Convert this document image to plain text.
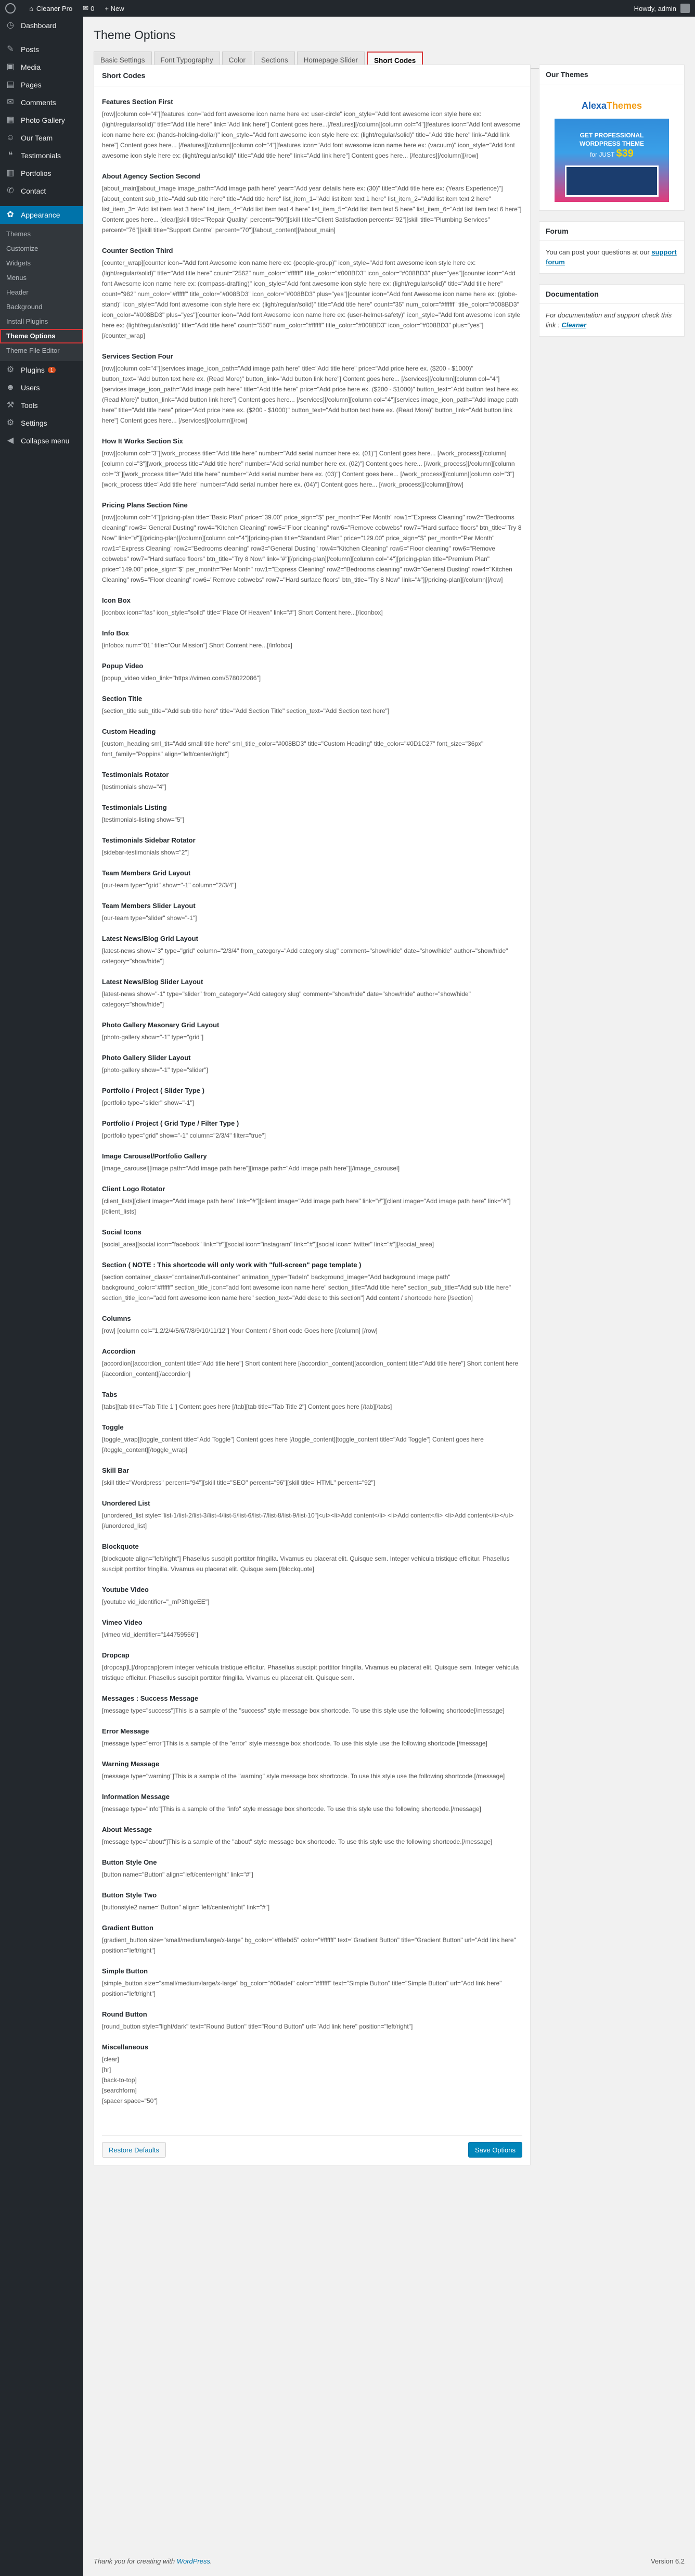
⌂ Cleaner Pro ✉ 0 + New	Howdy, admin
◷ Dashboard
✎ Posts
▣ Media
▤ Pages
✉ Comments
▦ Photo Gallery
☺ Our Team
❝	Testimonials
▥ Portfolios
✆ Contact
✿ Appearance
Themes
Customize
Widgets
Menus
Header
Background
Install Plugins
Theme Options
Theme File Editor
⚙ Plugins	1
☻ Users
⚒ Tools
⚙ Settings
◀ Collapse menu
Theme Options
Basic Settings	Font Typography	Color	Sections	Homepage Slider	Short Codes
Short Codes
Features Section First
[row][column col="4"][features icon="add font awesome icon name here ex: user-circle" icon_style="Add font awesome icon style here ex: (light/regular/solid)" title="Add title here" link="Add link here"] Content goes here...[/features][/column][column col="4"][features icon="Add font awesome icon name here ex: (hands-holding-dollar)" icon_style="Add font awesome icon style here ex: (light/regular/solid)" title="Add title here" link="Add link here"] Content goes here... [/features][/column][column col="4"][features icon="Add font awesome icon name here ex: (vacuum)" icon_style="Add font awesome icon style here ex: (light/regular/solid)" title="Add title here" link="Add link here"] Content goes here... [/features][/column][/row]
About Agency Section Second
[about_main][about_image image_path="Add image path here" year="Add year details here ex: (30)" title="Add title here ex: (Years Experience)"][about_content sub_title="Add sub title here" title="Add title here" list_item_1="Add list item text 1 here" list_item_2="Add list item text 2 here" list_item_3="Add list item text 3 here" list_item_4="Add list item text 4 here" list_item_5="Add list item text 5 here" list_item_6="Add list item text 6 here"] Content goes here... [clear][skill title="Repair Quality" percent="90"][skill title="Client Satisfaction percent="92"][skill title="Plumbing Services" percent="76"][skill title="Support Centre" percent="70"][/about_content][/about_main]
Counter Section Third
[counter_wrap][counter icon="Add font Awesome icon name here ex: (people-group)" icon_style="Add font awesome icon style here ex: (light/regular/solid)" title="Add title here" count="2562" num_color="#ffffff" title_color="#008BD3" icon_color="#008BD3" plus="yes"][counter icon="Add font Awesome icon name here ex: (compass-drafting)" icon_style="Add font awesome icon style here ex: (light/regular/solid)" title="Add title here" count="982" num_color="#ffffff" title_color="#008BD3" icon_color="#008BD3" plus="yes"][counter icon="Add font Awesome icon name here ex: (globe-stand)" icon_style="Add font awesome icon style here ex: (light/regular/solid)" title="Add title here" count="35" num_color="#ffffff" title_color="#008BD3" icon_color="#008BD3" plus="yes"][counter icon="Add font Awesome icon name here ex: (user-helmet-safety)" icon_style="Add font awesome icon style here ex: (light/regular/solid)" title="Add title here" count="550" num_color="#ffffff" title_color="#008BD3" icon_color="#008BD3" plus="yes"][/counter_wrap]
Services Section Four
[row][column col="4"][services image_icon_path="Add image path here" title="Add title here" price="Add price here ex. ($200 - $1000)" button_text="Add button text here ex. (Read More)" button_link="Add button link here"] Content goes here... [/services][/column][column col="4"][services image_icon_path="Add image path here" title="Add title here" price="Add price here ex. ($200 - $1000)" button_text="Add button text here ex. (Read More)" button_link="Add button link here"] Content goes here... [/services][/column][column col="4"][services image_icon_path="Add image path here" title="Add title here" price="Add price here ex. ($200 - $1000)" button_text="Add button text here ex. (Read More)" button_link="Add button link here"] Content goes here... [/services][/column][/row]
How It Works Section Six
[row][column col="3"][work_process title="Add title here" number="Add serial number here ex. (01)"] Content goes here... [/work_process][/column][column col="3"][work_process title="Add title here" number="Add serial number here ex. (02)"] Content goes here... [/work_process][/column][column col="3"][work_process title="Add title here" number="Add serial number here ex. (03)"] Content goes here... [/work_process][/column][column col="3"][work_process title="Add title here" number="Add serial number here ex. (04)"] Content goes here... [/work_process][/column][/row]
Pricing Plans Section Nine
[row][column col="4"][pricing-plan title="Basic Plan" price="39.00" price_sign="$" per_month="Per Month" row1="Express Cleaning" row2="Bedrooms cleaning" row3="General Dusting" row4="Kitchen Cleaning" row5="Floor cleaning" row6="Remove cobwebs" row7="Hard surface floors" btn_title="Try 8 Now" link="#"][/pricing-plan][/column][column col="4"][pricing-plan title="Standard Plan" price="129.00" price_sign="$" per_month="Per Month" row1="Express Cleaning" row2="Bedrooms cleaning" row3="General Dusting" row4="Kitchen Cleaning" row5="Floor cleaning" row6="Remove cobwebs" row7="Hard surface floors" btn_title="Try 8 Now" link="#"][/pricing-plan][/column][column col="4"][pricing-plan title="Premium Plan" price="149.00" price_sign="$" per_month="Per Month" row1="Express Cleaning" row2="Bedrooms cleaning" row3="General Dusting" row4="Kitchen Cleaning" row5="Floor cleaning" row6="Remove cobwebs" row7="Hard surface floors" btn_title="Try 8 Now" link="#"][/pricing-plan][/column][/row]
Icon Box
[iconbox icon="fas" icon_style="solid" title="Place Of Heaven" link="#"] Short Content here...[/iconbox]
Info Box
[infobox num="01" title="Our Mission"] Short Content here...[/infobox]
Popup Video
[popup_video video_link="https://vimeo.com/578022086"]
Section Title
[section_title sub_title="Add sub title here" title="Add Section Title" section_text="Add Section text here"]
Custom Heading
[custom_heading sml_tit="Add small title here" sml_title_color="#008BD3" title="Custom Heading" title_color="#0D1C27" font_size="36px" font_family="Poppins" align="left/center/right"]
Testimonials Rotator
[testimonials show="4"]
Testimonials Listing
[testimonials-listing show="5"]
Testimonials Sidebar Rotator
[sidebar-testimonials show="2"]
Team Members Grid Layout
[our-team type="grid" show="-1" column="2/3/4"]
Team Members Slider Layout
[our-team type="slider" show="-1"]
Latest News/Blog Grid Layout
[latest-news show="3" type="grid" column="2/3/4" from_category="Add category slug" comment="show/hide" date="show/hide" author="show/hide" category="show/hide"]
Latest News/Blog Slider Layout
[latest-news show="-1" type="slider" from_category="Add category slug" comment="show/hide" date="show/hide" author="show/hide" category="show/hide"]
Photo Gallery Masonary Grid Layout
[photo-gallery show="-1" type="grid"]
Photo Gallery Slider Layout
[photo-gallery show="-1" type="slider"]
Portfolio / Project ( Slider Type )
[portfolio type="slider" show="-1"]
Portfolio / Project ( Grid Type / Filter Type )
[portfolio type="grid" show="-1" column="2/3/4" filter="true"]
Image Carousel/Portfolio Gallery
[image_carousel][image path="Add image path here"][image path="Add image path here"][/image_carousel]
Client Logo Rotator
[client_lists][client image="Add image path here" link="#"][client image="Add image path here" link="#"][client image="Add image path here" link="#"][/client_lists]
Social Icons
[social_area][social icon="facebook" link="#"][social icon="instagram" link="#"][social icon="twitter" link="#"][/social_area]
Section ( NOTE : This shortcode will only work with "full-screen" page template )
[section container_class="container/full-container" animation_type="fadeIn" background_image="Add background image path" background_color="#ffffff" section_title_icon="add font awesome icon name here" section_title="Add title here" section_sub_title="Add sub title here" section_title_icon="add font awesome icon name here" section_text="Add desc to this section"] Add content / shortcode here [/section]
Columns
[row] [column col="1,2/2/4/5/6/7/8/9/10/11/12"] Your Content / Short code Goes here [/column] [/row]
Accordion
[accordion][accordion_content title="Add title here"] Short content here [/accordion_content][accordion_content title="Add title here"] Short content here [/accordion_content][/accordion]
Tabs
[tabs][tab title="Tab Title 1"] Content goes here [/tab][tab title="Tab Title 2"] Content goes here [/tab][/tabs]
Toggle
[toggle_wrap][toggle_content title="Add Toggle"] Content goes here [/toggle_content][toggle_content title="Add Toggle"] Content goes here [/toggle_content][/toggle_wrap]
Skill Bar
[skill title="Wordpress" percent="94"][skill title="SEO" percent="96"][skill title="HTML" percent="92"]
Unordered List
[unordered_list style="list-1/list-2/list-3/list-4/list-5/list-6/list-7/list-8/list-9/list-10"]<ul><li>Add content</li> <li>Add content</li> <li>Add content</li></ul>[/unordered_list]
Blockquote
[blockquote align="left/right"] Phasellus suscipit porttitor fringilla. Vivamus eu placerat elit. Quisque sem. Integer vehicula tristique efficitur. Phasellus suscipit porttitor fringilla. Vivamus eu placerat elit. Quisque sem.[/blockquote]
Youtube Video
[youtube vid_identifier="_mP3ftIgeEE"]
Vimeo Video
[vimeo vid_identifier="144759556"]
Dropcap
[dropcap]L[/dropcap]orem integer vehicula tristique efficitur. Phasellus suscipit porttitor fringilla. Vivamus eu placerat elit. Quisque sem. Integer vehicula tristique efficitur. Phasellus suscipit porttitor fringilla. Vivamus eu placerat elit. Quisque sem.
Messages : Success Message
[message type="success"]This is a sample of the "success" style message box shortcode. To use this style use the following shortcode[/message]
Error Message
[message type="error"]This is a sample of the "error" style message box shortcode. To use this style use the following shortcode.[/message]
Warning Message
[message type="warning"]This is a sample of the "warning" style message box shortcode. To use this style use the following shortcode.[/message]
Information Message
[message type="info"]This is a sample of the "info" style message box shortcode. To use this style use the following shortcode.[/message]
About Message
[message type="about"]This is a sample of the "about" style message box shortcode. To use this style use the following shortcode.[/message]
Button Style One
[button name="Button" align="left/center/right" link="#"]
Button Style Two
[buttonstyle2 name="Button" align="left/center/right" link="#"]
Gradient Button
[gradient_button size="small/medium/large/x-large" bg_color="#f8ebd5" color="#ffffff" text="Gradient Button" title="Gradient Button" url="Add link here" position="left/right"]
Simple Button
[simple_button size="small/medium/large/x-large" bg_color="#00adef" color="#ffffff" text="Simple Button" title="Simple Button" url="Add link here" position="left/right"]
Round Button
[round_button style="light/dark" text="Round Button" title="Round Button" url="Add link here" position="left/right"]
Miscellaneous
[clear]
[hr]
[back-to-top]
[searchform]
[spacer space="50"]
Restore Defaults	Save Options
Our Themes
AlexaThemes
GET PROFESSIONAL WORDPRESS THEME
for JUST $39
Forum
You can post your questions at our support forum
Documentation
For documentation and support check this link : Cleaner
Thank you for creating with WordPress.	Version 6.2
